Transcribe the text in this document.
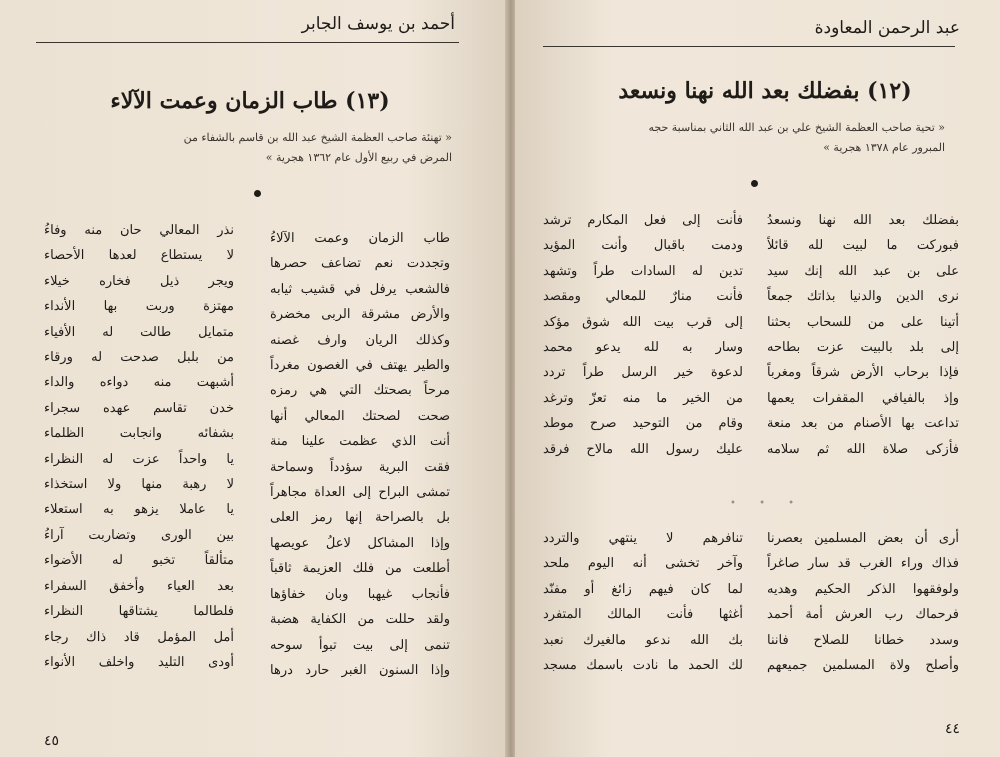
أحمد بن يوسف الجابر
(١٣) طاب الزمان وعمت الآلاء
« تهنئة صاحب العظمة الشيخ عبد الله بن قاسم بالشفاء من
المرض في ربيع الأول عام ١٣٦٢ هجرية »
طاب الزمان وعمت الآلاءُ
وتجددت نعم تضاعف حصرها
فالشعب يرفل في قشيب ثيابه
والأرض مشرقة الربى مخضرة
وكذلك الريان وارف غصنه
والطير يهتف في الغصون مغرداً
مرحاً بصحتك التي هي رمزه
صحت لصحتك المعالي أنها
أنت الذي عظمت علينا منة
فقت البرية سؤدداً وسماحة
تمشى البراح إلى العداة مجاهراً
بل بالصراحة إنها رمز العلى
وإذا المشاكل لاعلُ عويصها
أطلعت من فلك العزيمة ثاقباً
فأنجاب غيهبا وبان خفاؤها
ولقد حللت من الكفاية هضبة
تنمى إلى بيت تبوأ سوحه
وإذا السنون الغبر حارد درها
نذر المعالي حان منه وفاءُ
لا يستطاع لعدها الأحصاء
ويجر ذيل فخاره خيلاء
مهتزة وربت بها الأنداء
متمايل طالت له الأفياء
من بلبل صدحت له ورقاء
أشبهت منه دواءه والداء
خدن تقاسم عهده سجراء
بشفائه وانجابت الظلماء
يا واحداً عزت له النظراء
لا رهبة منها ولا استخذاء
يا عاملا يزهو به استعلاء
بين الورى وتضاربت آراءُ
متألقاً تخبو له الأضواء
بعد العياء وأخفق السفراء
فلطالما يشتاقها النظراء
أمل المؤمل قاد ذاك رجاء
أودى التليد واخلف الأنواء
٤٥
عبد الرحمن المعاودة
(١٢) بفضلك بعد الله نهنا ونسعد
« تحية صاحب العظمة الشيخ علي بن عبد الله الثاني بمناسبة حجه
المبرور عام ١٣٧٨ هجرية »
بفضلك بعد الله نهنا ونسعدُ
فبوركت ما لبيت لله قائلاً
على بن عبد الله إنك سيد
نرى الدين والدنيا بذاتك جمعاً
أتينا على من للسحاب بحثنا
إلى بلد بالبيت عزت بطاحه
فإذا برحاب الأرض شرقاً ومغرباً
وإذ بالفيافي المقفرات يعمها
تداعت بها الأصنام من بعد منعة
فأزكى صلاة الله ثم سلامه
فأنت إلى فعل المكارم ترشد
ودمت باقبال وأنت المؤيد
تدين له السادات طراً وتشهد
فأنت منارٌ للمعالي ومقصد
إلى قرب بيت الله شوق مؤكد
وسار به لله يدعو محمد
لدعوة خير الرسل طراً تردد
من الخير ما منه تعزّ وترغد
وقام من التوحيد صرح موطد
عليك رسول الله مالاح فرقد
• • •
أرى أن بعض المسلمين بعصرنا
فذاك وراء الغرب قد سار صاغراً
ولوفقهوا الذكر الحكيم وهديه
فرحماك رب العرش أمة أحمد
وسدد خطانا للصلاح فاننا
وأصلح ولاة المسلمين جميعهم
تنافرهم لا ينتهي والتردد
وآخر تخشى أنه اليوم ملحد
لما كان فيهم زائغ أو مفنّد
أغثها فأنت المالك المتفرد
بك الله ندعو مالغيرك نعبد
لك الحمد ما نادت باسمك مسجد
٤٤
